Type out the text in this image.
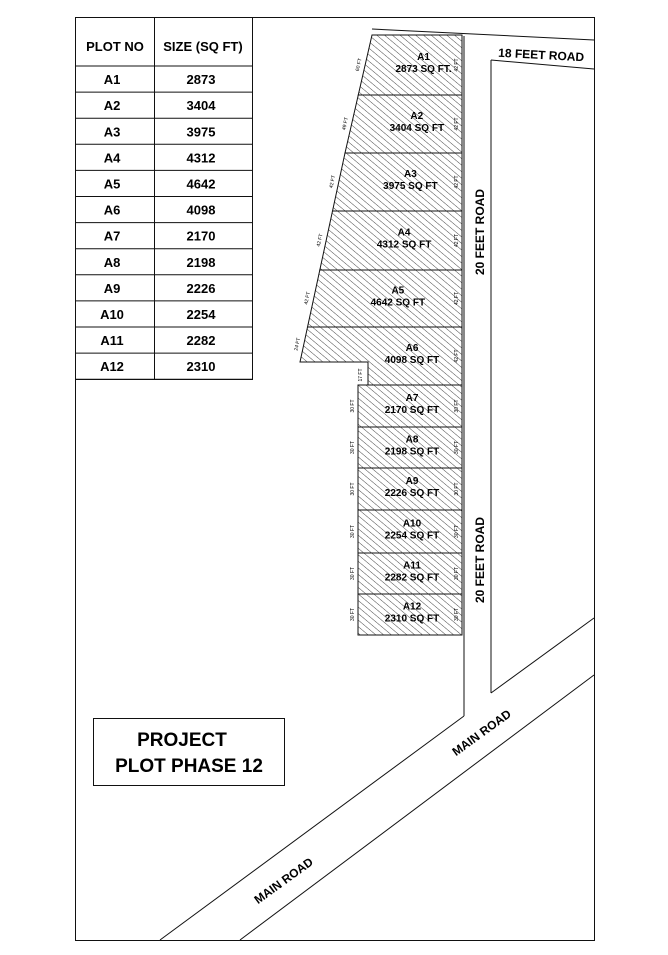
PLOT NO SIZE (SQ FT)
A1	2873
A2	3404
A3	3975
A4	4312
A5	4642
A6	4098
A7	2170
A8	2198
A9	2226
A10	2254
A11	2282
A12	2310
18 FEET ROAD
20 FEET ROAD
20 FEET ROAD
MAIN ROAD
MAIN ROAD
A1
2873 SQ FT. 42 FT
60 FT
A2
3404 SQ FT 42 FT
49 FT
A3
3975 SQ FT	42 FT
42 FT
A4
4312 SQ FT	42 FT
42 FT
A5
4642 SQ FT	42 FT
42 FT
A6
4098 SQ FT	42 FT
24 FT
A7
2170 SQ FT	30 FT
30 FT
A8
2198 SQ FT	30 FT
30 FT
A9
2226 SQ FT	30 FT
30 FT
A10
2254 SQ FT	30 FT
30 FT
A11
2282 SQ FT	30 FT
30 FT
A12
2310 SQ FT	30 FT
30 FT
17 FT
PROJECT
PLOT PHASE 12
